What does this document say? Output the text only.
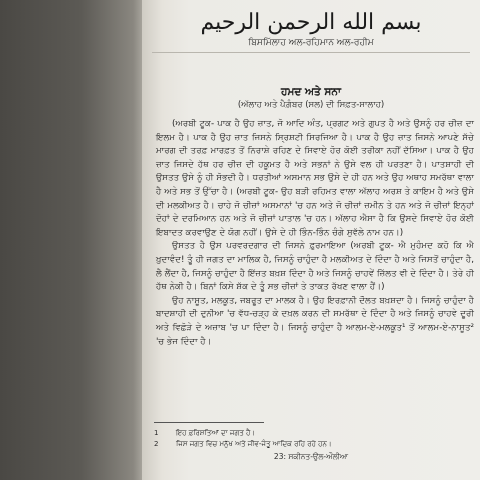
بسم الله الرحمن الرحيم
ਬਿਸਮਿੱਲਾਹ ਅਲ-ਰਹਿਮਾਨ ਅਲ-ਰਹੀਮ
ਹਮਦ ਅਤੇ ਸਨਾ
(ਅੱਲਾਹ ਅਤੇ ਪੈਗ਼ੰਬਰ (ਸਲ) ਦੀ ਸਿਫ਼ਤ-ਸਾਲਾਹ)

(ਅਰਬੀ ਟੂਕ- ਪਾਕ ਹੈ ਉਹ ਜ਼ਾਤ, ਜੋ ਆਦਿ ਅੰਤ, ਪ੍ਰਗਟ ਅਤੇ ਗੁਪਤ ਹੈ ਅਤੇ ਉਸਨੂੰ ਹਰ ਚੀਜ਼ ਦਾ ਇਲਮ ਹੈ। ਪਾਕ ਹੈ ਉਹ ਜ਼ਾਤ ਜਿਸਨੇ ਸ੍ਰਿਸ਼ਟੀ ਸਿਰਜਿਆ ਹੈ। ਪਾਕ ਹੈ ਉਹ ਜ਼ਾਤ ਜਿਸਨੇ ਆਪਣੇ ਸੱਚੇ ਮਾਰਗ ਦੀ ਤਰਫ਼ ਮਾਰਫ਼ਤ ਤੋਂ ਨਿਰਾਸ਼ੇ ਰਹਿਣ ਦੇ ਸਿਵਾਏ ਹੋਰ ਕੋਈ ਤਰੀਕਾ ਨਹੀਂ ਦੱਸਿਆ। ਪਾਕ ਹੈ ਉਹ ਜ਼ਾਤ ਜਿਸਦੇ ਹੱਥ ਹਰ ਚੀਜ਼ ਦੀ ਹਕੂਮਤ ਹੈ ਅਤੇ ਸਭਨਾਂ ਨੇ ਉਸੇ ਵਲ ਹੀ ਪਰਤਣਾ ਹੈ। ਪਾਤਸ਼ਾਹੀ ਦੀ ਉਸਤਤ ਉਸੇ ਨੂੰ ਹੀ ਸੋਭਦੀ ਹੈ। ਧਰਤੀਆਂ ਅਸਮਾਨ ਸਭ ਉਸੇ ਦੇ ਹੀ ਹਨ ਅਤੇ ਉਹ ਅਥਾਹ ਸਮਰੱਥਾ ਵਾਲਾ ਹੈ ਅਤੇ ਸਭ ਤੋਂ ਉੱਚਾ ਹੈ। (ਅਰਬੀ ਟੂਕ- ਉਹ ਬੜੀ ਰਹਿਮਤ ਵਾਲਾ ਅੱਲਾਹ ਅਰਸ਼ ਤੇ ਕਾਇਮ ਹੈ ਅਤੇ ਉਸੇ ਦੀ ਮਲਕੀਅਤ ਹੈ। ਚਾਹੇ ਜੋ ਚੀਜ਼ਾਂ ਅਸਮਾਨਾਂ 'ਚ ਹਨ ਅਤੇ ਜੋ ਚੀਜ਼ਾਂ ਜ਼ਮੀਨ ਤੇ ਹਨ ਅਤੇ ਜੋ ਚੀਜ਼ਾਂ ਇਨ੍ਹਾਂ ਦੋਹਾਂ ਦੇ ਦਰਮਿਆਨ ਹਨ ਅਤੇ ਜੋ ਚੀਜ਼ਾਂ ਪਾਤਾਲ 'ਚ ਹਨ। ਅੱਲਾਹ ਐਸਾ ਹੈ ਕਿ ਉਸਦੇ ਸਿਵਾਏ ਹੋਰ ਕੋਈ ਇਬਾਦਤ ਕਰਵਾਉਣ ਦੇ ਯੋਗ ਨਹੀਂ। ਉਸੇ ਦੇ ਹੀ ਭਿੰਨ-ਭਿੰਨ ਚੰਗੇ ਸੁਵੱਲੇ ਨਾਮ ਹਨ।)

ਉਸਤਤ ਹੈ ਉਸ ਪਰਵਰਦਗਾਰ ਦੀ ਜਿਸਨੇ ਫ਼ੁਰਮਾਇਆ (ਅਰਬੀ ਟੂਕ- ਐ ਮੁਹੰਮਦ ਕਹੋ ਕਿ ਐ ਖ਼ੁਦਾਵੰਦ! ਤੂੰ ਹੀ ਜਗਤ ਦਾ ਮਾਲਿਕ ਹੈ, ਜਿਸਨੂੰ ਚਾਹੁੰਦਾ ਹੈ ਮਲਕੀਅਤ ਦੇ ਦਿੰਦਾ ਹੈ ਅਤੇ ਜਿਸਤੋਂ ਚਾਹੁੰਦਾ ਹੈ, ਲੈ ਲੈਂਦਾ ਹੈ, ਜਿਸਨੂੰ ਚਾਹੁੰਦਾ ਹੈ ਇੱਜ਼ਤ ਬਖ਼ਸ਼ ਦਿੰਦਾ ਹੈ ਅਤੇ ਜਿਸਨੂੰ ਚਾਹਵੇਂ ਜ਼ਿੱਲਤ ਵੀ ਦੇ ਦਿੰਦਾ ਹੈ। ਤੇਰੇ ਹੀ ਹੱਥ ਨੇਕੀ ਹੈ। ਬਿਨਾਂ ਕਿਸੇ ਸ਼ੱਕ ਦੇ ਤੂੰ ਸਭ ਚੀਜ਼ਾਂ ਤੇ ਤਾਕਤ ਰੱਖਣ ਵਾਲਾ ਹੈਂ।)

ਉਹ ਨਾਸੂਤ, ਮਲਕੂਤ, ਜਬਰੂਤ ਦਾ ਮਾਲਕ ਹੈ। ਉਹ ਇਰਫ਼ਾਨੀ ਦੌਲਤ ਬਖ਼ਸ਼ਦਾ ਹੈ। ਜਿਸਨੂੰ ਚਾਹੁੰਦਾ ਹੈ ਬਾਦਸ਼ਾਹੀ ਦੀ ਦੁਨੀਆ 'ਚ ਵੱਧ-ਚੜ੍ਹ ਕੇ ਦਖ਼ਲ ਕਰਨ ਦੀ ਸਮਰੱਥਾ ਦੇ ਦਿੰਦਾ ਹੈ ਅਤੇ ਜਿਸਨੂੰ ਚਾਹਵੇ ਦੂਰੀ ਅਤੇ ਵਿਛੋੜੇ ਦੇ ਅਜ਼ਾਬ 'ਚ ਪਾ ਦਿੰਦਾ ਹੈ। ਜਿਸਨੂੰ ਚਾਹੁੰਦਾ ਹੈ ਆਲਮ-ਏ-ਮਲਕੂਤ¹ ਤੋਂ ਆਲਮ-ਏ-ਨਾਸੂਤ² 'ਚ ਭੇਜ ਦਿੰਦਾ ਹੈ।

1	ਇਹ ਫ਼ਰਿਸ਼ਤਿਆਂ ਦਾ ਜਗਤ ਹੈ।
2	ਜਿਸ ਜਗਤ ਵਿਚ ਮਨੁੱਖ ਅਤੇ ਜੀਵ-ਜੰਤੂ ਆਦਿਕ ਰਹਿ ਰਹੇ ਹਨ।
23: ਸਕੀਨਤ-ਉਲ-ਔਲੀਆ
